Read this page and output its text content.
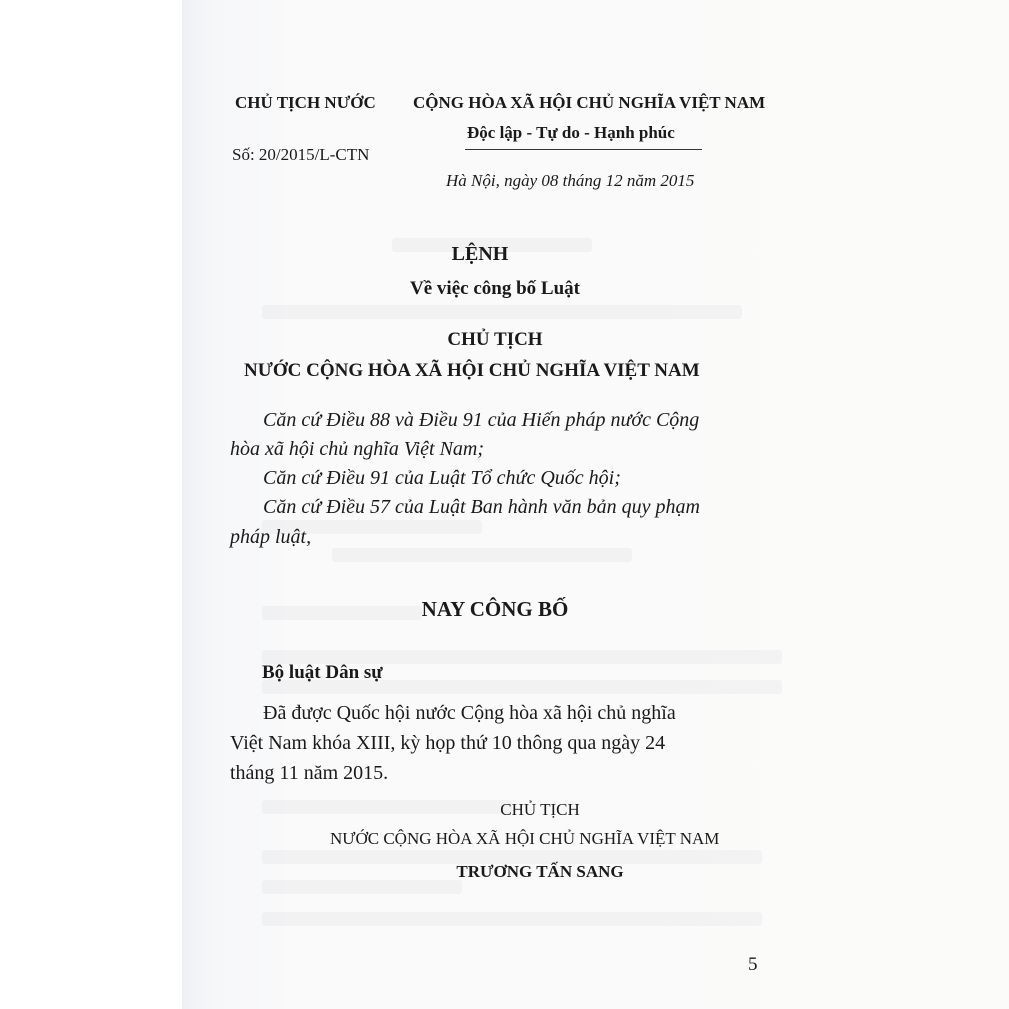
CHỦ TỊCH NƯỚC
Số: 20/2015/L-CTN
CỘNG HÒA XÃ HỘI CHỦ NGHĨA VIỆT NAM
Độc lập - Tự do - Hạnh phúc
Hà Nội, ngày 08 tháng 12 năm 2015
LỆNH
Về việc công bố Luật
CHỦ TỊCH
NƯỚC CỘNG HÒA XÃ HỘI CHỦ NGHĨA VIỆT NAM
Căn cứ Điều 88 và Điều 91 của Hiến pháp nước Cộng
hòa xã hội chủ nghĩa Việt Nam;
Căn cứ Điều 91 của Luật Tổ chức Quốc hội;
Căn cứ Điều 57 của Luật Ban hành văn bản quy phạm
pháp luật,
NAY CÔNG BỐ
Bộ luật Dân sự
Đã được Quốc hội nước Cộng hòa xã hội chủ nghĩa
Việt Nam khóa XIII, kỳ họp thứ 10 thông qua ngày 24
tháng 11 năm 2015.
CHỦ TỊCH
NƯỚC CỘNG HÒA XÃ HỘI CHỦ NGHĨA VIỆT NAM
TRƯƠNG TẤN SANG
5
